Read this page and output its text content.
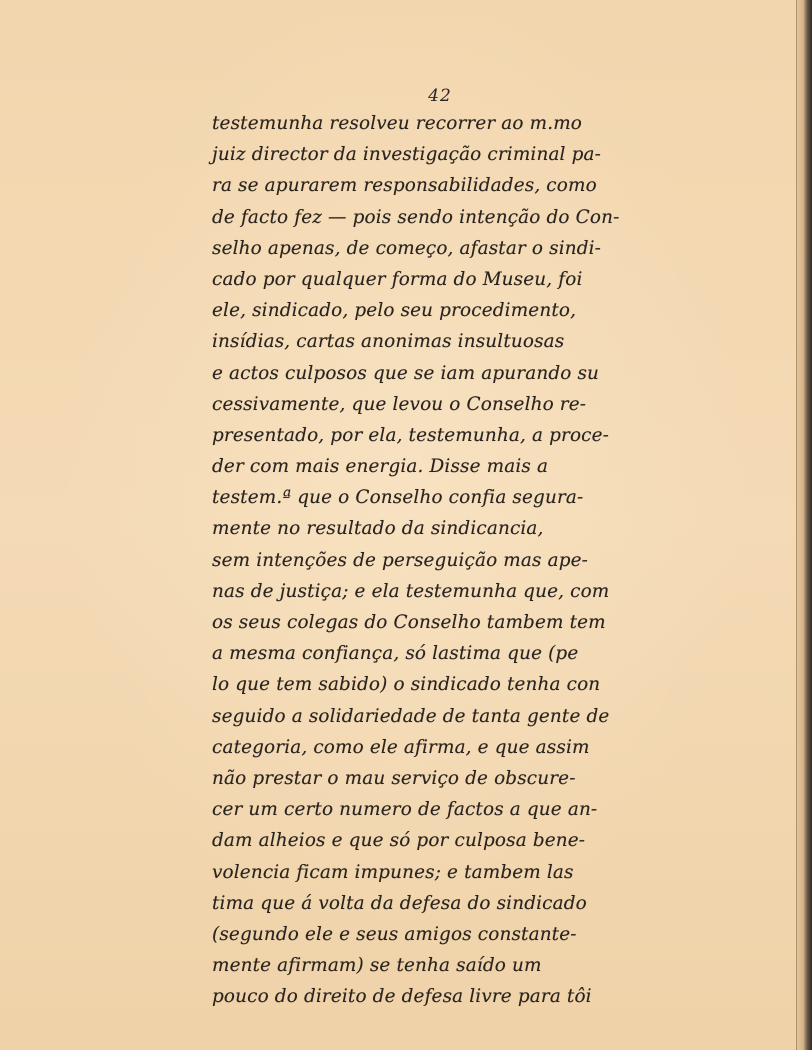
42
testemunha resolveu recorrer ao m.mo
juiz director da investigação criminal pa-
ra se apurarem responsabilidades, como
de facto fez — pois sendo intenção do Con-
selho apenas, de começo, afastar o sindi-
cado por qualquer forma do Museu, foi
ele, sindicado, pelo seu procedimento,
insídias, cartas anonimas insultuosas
e actos culposos que se iam apurando su
cessivamente, que levou o Conselho re-
presentado, por ela, testemunha, a proce-
der com mais energia. Disse mais a
testem.ª que o Conselho confia segura-
mente no resultado da sindicancia,
sem intenções de perseguição mas ape-
nas de justiça; e ela testemunha que, com
os seus colegas do Conselho tambem tem
a mesma confiança, só lastima que (pe
lo que tem sabido) o sindicado tenha con
seguido a solidariedade de tanta gente de
categoria, como ele afirma, e que assim
não prestar o mau serviço de obscure-
cer um certo numero de factos a que an-
dam alheios e que só por culposa bene-
volencia ficam impunes; e tambem las
tima que á volta da defesa do sindicado
(segundo ele e seus amigos constante-
mente afirmam) se tenha saído um
pouco do direito de defesa livre para tôi
